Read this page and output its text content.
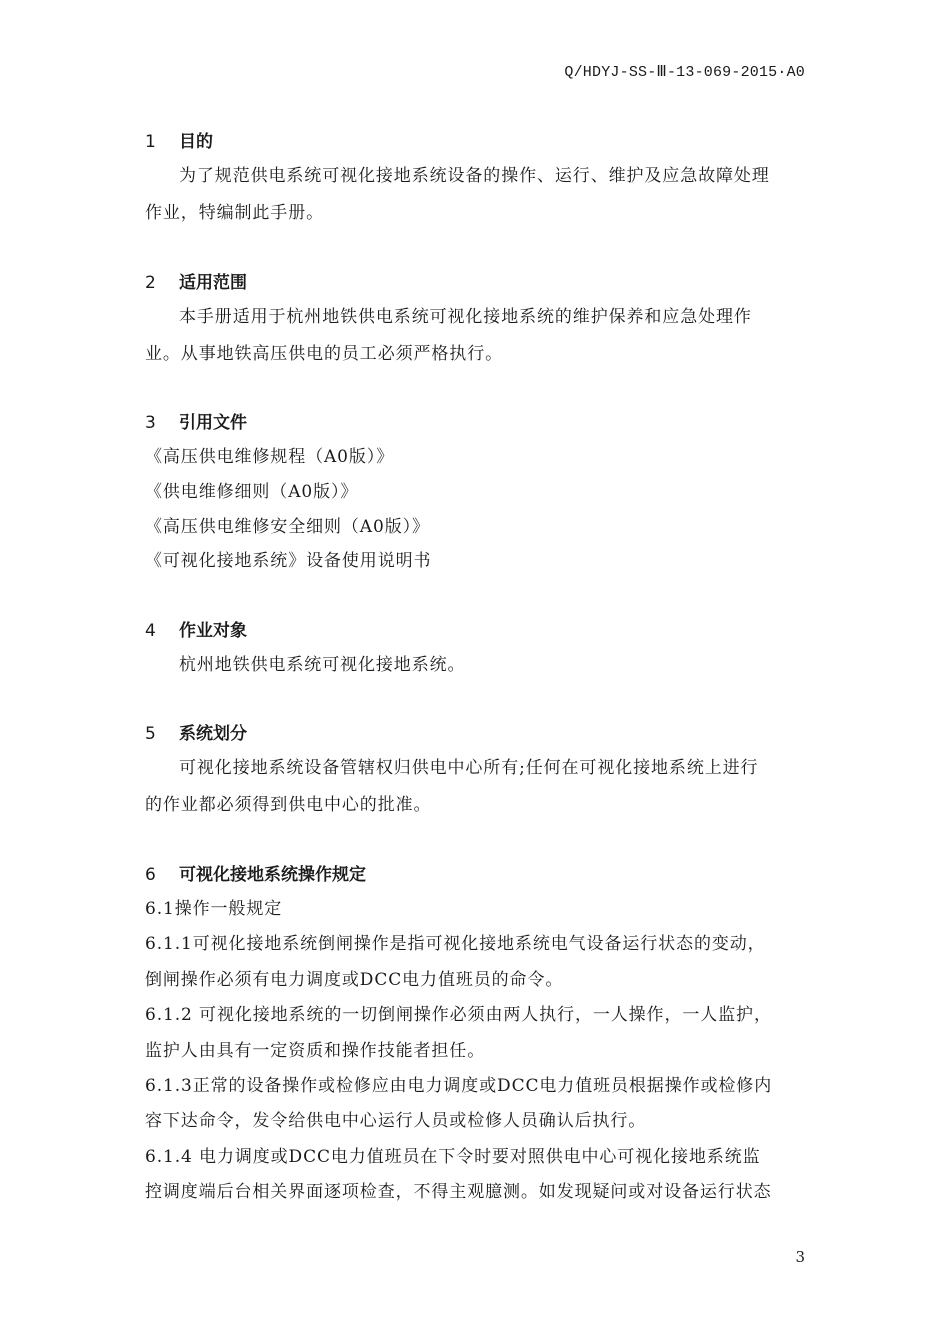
Q/HDYJ-SS-Ⅲ-13-069-2015·A0
1 目的
为了规范供电系统可视化接地系统设备的操作、运行、维护及应急故障处理
作业，特编制此手册。
2 适用范围
本手册适用于杭州地铁供电系统可视化接地系统的维护保养和应急处理作
业。从事地铁高压供电的员工必须严格执行。
3 引用文件
《高压供电维修规程（A0版）》
《供电维修细则（A0版）》
《高压供电维修安全细则（A0版）》
《可视化接地系统》设备使用说明书
4 作业对象
杭州地铁供电系统可视化接地系统。
5 系统划分
可视化接地系统设备管辖权归供电中心所有;任何在可视化接地系统上进行
的作业都必须得到供电中心的批准。
6 可视化接地系统操作规定
6.1操作一般规定
6.1.1可视化接地系统倒闸操作是指可视化接地系统电气设备运行状态的变动，
倒闸操作必须有电力调度或DCC电力值班员的命令。
6.1.2 可视化接地系统的一切倒闸操作必须由两人执行，一人操作，一人监护，
监护人由具有一定资质和操作技能者担任。
6.1.3正常的设备操作或检修应由电力调度或DCC电力值班员根据操作或检修内
容下达命令，发令给供电中心运行人员或检修人员确认后执行。
6.1.4 电力调度或DCC电力值班员在下令时要对照供电中心可视化接地系统监
控调度端后台相关界面逐项检查，不得主观臆测。如发现疑问或对设备运行状态
3
